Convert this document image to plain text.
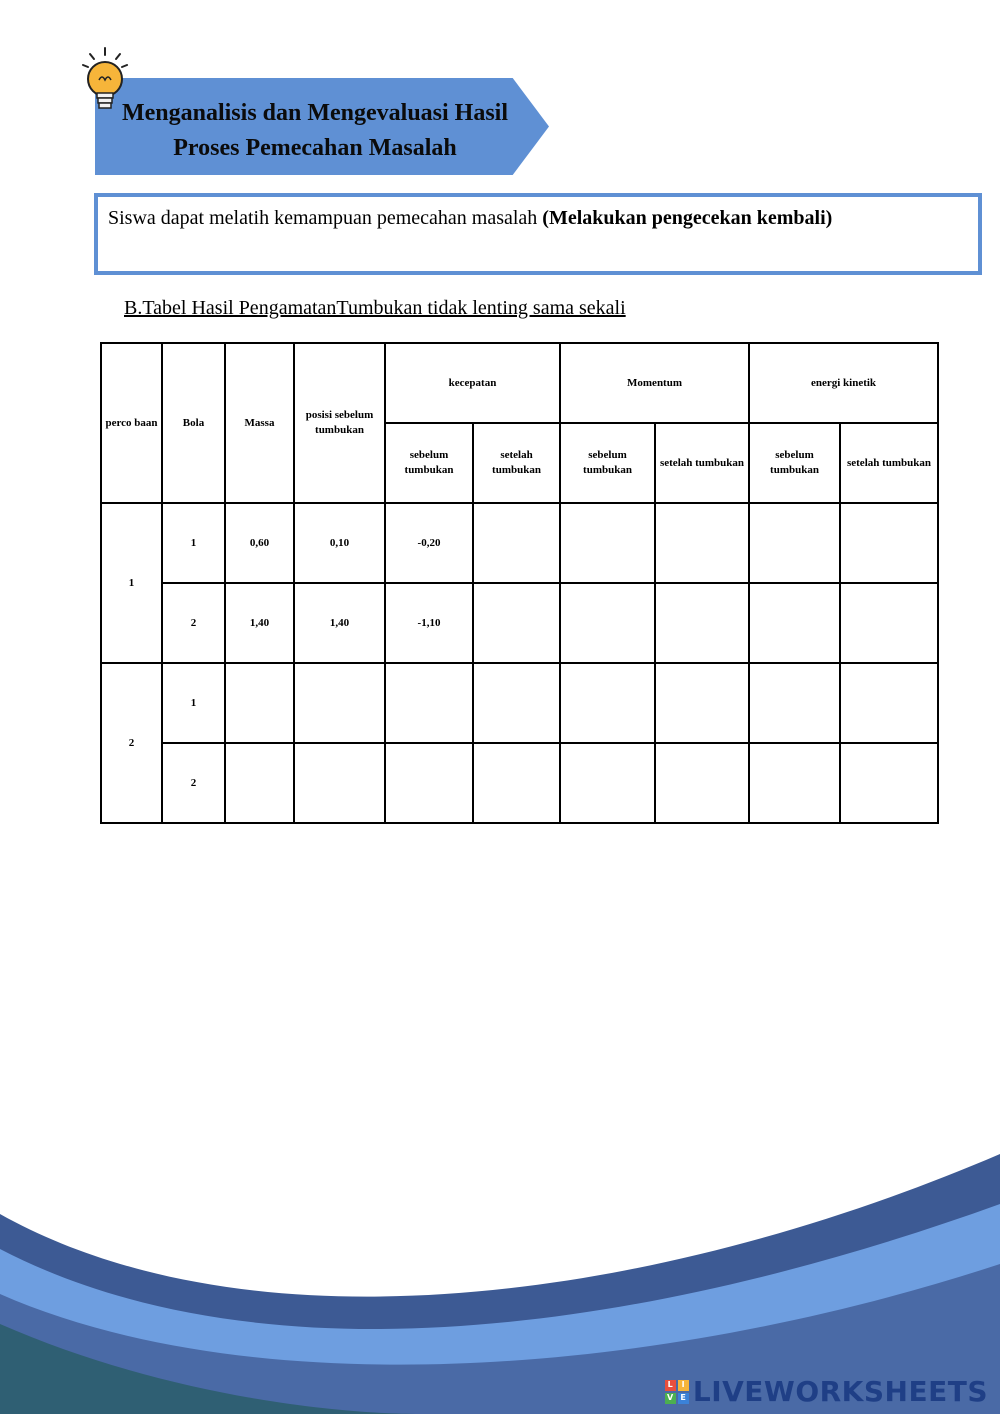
Menganalisis dan Mengevaluasi Hasil
Proses Pemecahan Masalah
Siswa dapat melatih kemampuan pemecahan masalah (Melakukan pengecekan kembali)
B.Tabel Hasil PengamatanTumbukan tidak lenting sama sekali
perco baan	Bola	Massa	posisi sebelum tumbukan	kecepatan		Momentum		energi kinetik	
				sebelum tumbukan	setelah tumbukan	sebelum tumbukan	setelah tumbukan	sebelum tumbukan	setelah tumbukan
1	1	0,60	0,10	-0,20					
	2	1,40	1,40	-1,10					
2	1								
	2								
L	I
V E LIVEWORKSHEETS
